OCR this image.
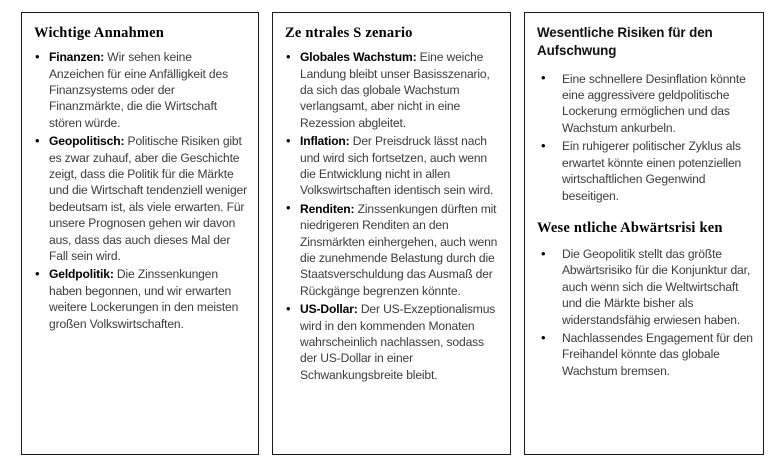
Wichtige Annahmen
• Finanzen: Wir sehen keine Anzeichen für eine Anfälligkeit des Finanzsystems oder der Finanzmärkte, die die Wirtschaft stören würde.
• Geopolitisch: Politische Risiken gibt es zwar zuhauf, aber die Geschichte zeigt, dass die Politik für die Märkte und die Wirtschaft tendenziell weniger bedeutsam ist, als viele erwarten. Für unsere Prognosen gehen wir davon aus, dass das auch dieses Mal der Fall sein wird.
• Geldpolitik: Die Zinssenkungen haben begonnen, und wir erwarten weitere Lockerungen in den meisten großen Volkswirtschaften.
Ze ntrales S zenario
• Globales Wachstum: Eine weiche Landung bleibt unser Basisszenario, da sich das globale Wachstum verlangsamt, aber nicht in eine Rezession abgleitet.
• Inflation: Der Preisdruck lässt nach und wird sich fortsetzen, auch wenn die Entwicklung nicht in allen Volkswirtschaften identisch sein wird.
• Renditen: Zinssenkungen dürften mit niedrigeren Renditen an den Zinsmärkten einhergehen, auch wenn die zunehmende Belastung durch die Staatsverschuldung das Ausmaß der Rückgänge begrenzen könnte.
• US-Dollar: Der US-Exzeptionalismus wird in den kommenden Monaten wahrscheinlich nachlassen, sodass der US-Dollar in einer Schwankungsbreite bleibt.
Wesentliche Risiken für den Aufschwung
• Eine schnellere Desinflation könnte eine aggressivere geldpolitische Lockerung ermöglichen und das Wachstum ankurbeln.
• Ein ruhigerer politischer Zyklus als erwartet könnte einen potenziellen wirtschaftlichen Gegenwind beseitigen.
Wese ntliche Abwärtsrisi ken
• Die Geopolitik stellt das größte Abwärtsrisiko für die Konjunktur dar, auch wenn sich die Weltwirtschaft und die Märkte bisher als widerstandsfähig erwiesen haben.
• Nachlassendes Engagement für den Freihandel könnte das globale Wachstum bremsen.
